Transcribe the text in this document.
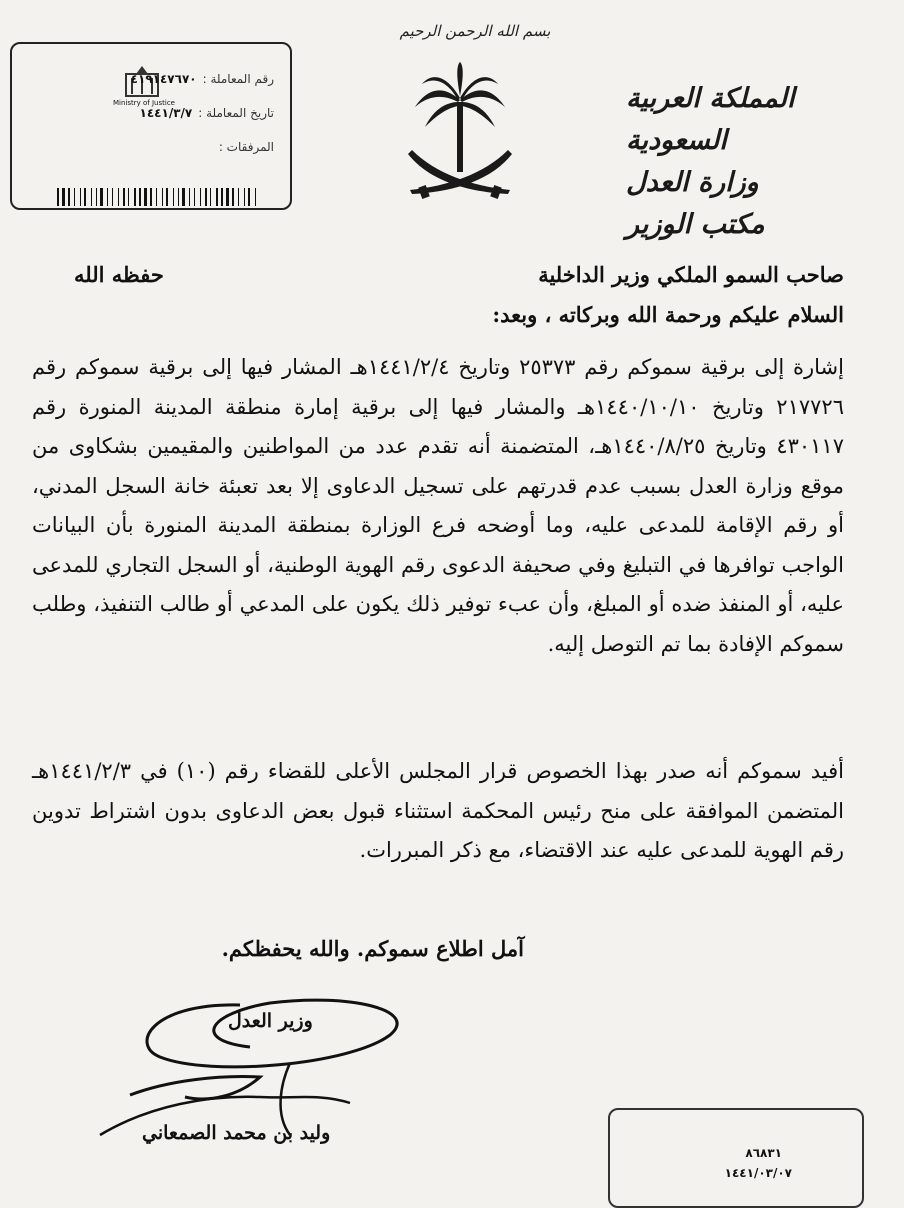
بسم الله الرحمن الرحيم
المملكة العربية السعودية
وزارة العدل
مكتب الوزير
Ministry of Justice
رقم المعاملة :
٤١٩١٤٧٦٧٠
تاريخ المعاملة :
١٤٤١/٣/٧
المرفقات :
صاحب السمو الملكي وزير الداخلية
حفظه الله
السلام عليكم ورحمة الله وبركاته ، وبعد:
إشارة إلى برقية سموكم رقم ٢٥٣٧٣ وتاريخ ١٤٤١/٢/٤هـ المشار فيها إلى برقية سموكم رقم ٢١٧٧٢٦ وتاريخ ١٤٤٠/١٠/١٠هـ والمشار فيها إلى برقية إمارة منطقة المدينة المنورة رقم ٤٣٠١١٧ وتاريخ ١٤٤٠/٨/٢٥هـ، المتضمنة أنه تقدم عدد من المواطنين والمقيمين بشكاوى من موقع وزارة العدل بسبب عدم قدرتهم على تسجيل الدعاوى إلا بعد تعبئة خانة السجل المدني، أو رقم الإقامة للمدعى عليه، وما أوضحه فرع الوزارة بمنطقة المدينة المنورة بأن البيانات الواجب توافرها في التبليغ وفي صحيفة الدعوى رقم الهوية الوطنية، أو السجل التجاري للمدعى عليه، أو المنفذ ضده أو المبلغ، وأن عبء توفير ذلك يكون على المدعي أو طالب التنفيذ، وطلب سموكم الإفادة بما تم التوصل إليه.
أفيد سموكم أنه صدر بهذا الخصوص قرار المجلس الأعلى للقضاء رقم (١٠) في ١٤٤١/٢/٣هـ المتضمن الموافقة على منح رئيس المحكمة استثناء قبول بعض الدعاوى بدون اشتراط تدوين رقم الهوية للمدعى عليه عند الاقتضاء، مع ذكر المبررات.
آمل اطلاع سموكم. والله يحفظكم.
وزير العدل
وليد بن محمد الصمعاني
٨٦٨٣١
١٤٤١/٠٣/٠٧
